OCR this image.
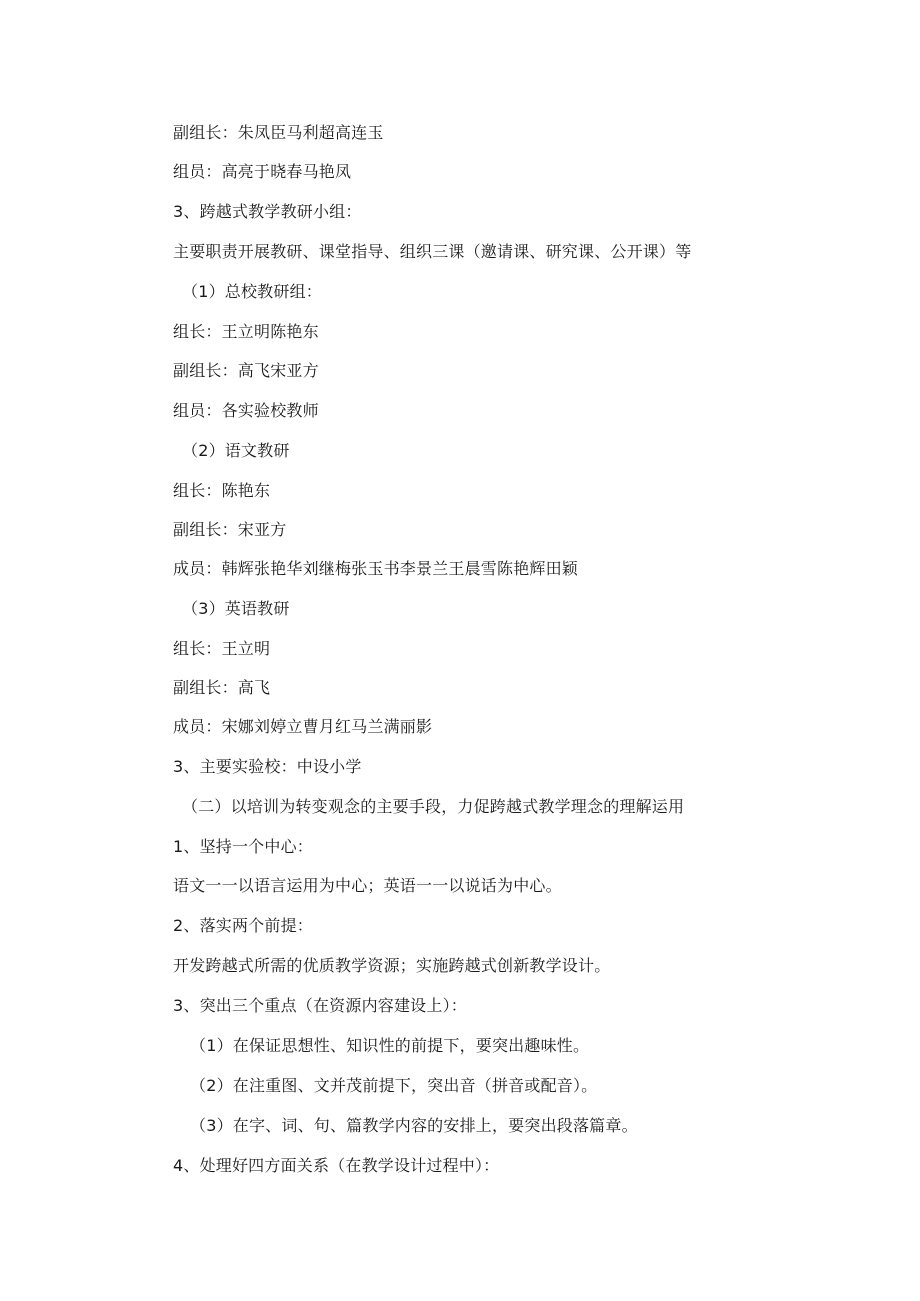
副组长：朱凤臣马利超高连玉
组员：高亮于晓春马艳凤
3、跨越式教学教研小组：
主要职责开展教研、课堂指导、组织三课（邀请课、研究课、公开课）等
（1）总校教研组：
组长：王立明陈艳东
副组长：高飞宋亚方
组员：各实验校教师
（2）语文教研
组长：陈艳东
副组长：宋亚方
成员：韩辉张艳华刘继梅张玉书李景兰王晨雪陈艳辉田颖
（3）英语教研
组长：王立明
副组长：高飞
成员：宋娜刘婷立曹月红马兰满丽影
3、主要实验校：中设小学
（二）以培训为转变观念的主要手段，力促跨越式教学理念的理解运用
1、坚持一个中心：
语文一一以语言运用为中心；英语一一以说话为中心。
2、落实两个前提：
开发跨越式所需的优质教学资源；实施跨越式创新教学设计。
3、突出三个重点（在资源内容建设上）：
（1）在保证思想性、知识性的前提下，要突出趣味性。
（2）在注重图、文并茂前提下，突出音（拼音或配音）。
（3）在字、词、句、篇教学内容的安排上，要突出段落篇章。
4、处理好四方面关系（在教学设计过程中）：
